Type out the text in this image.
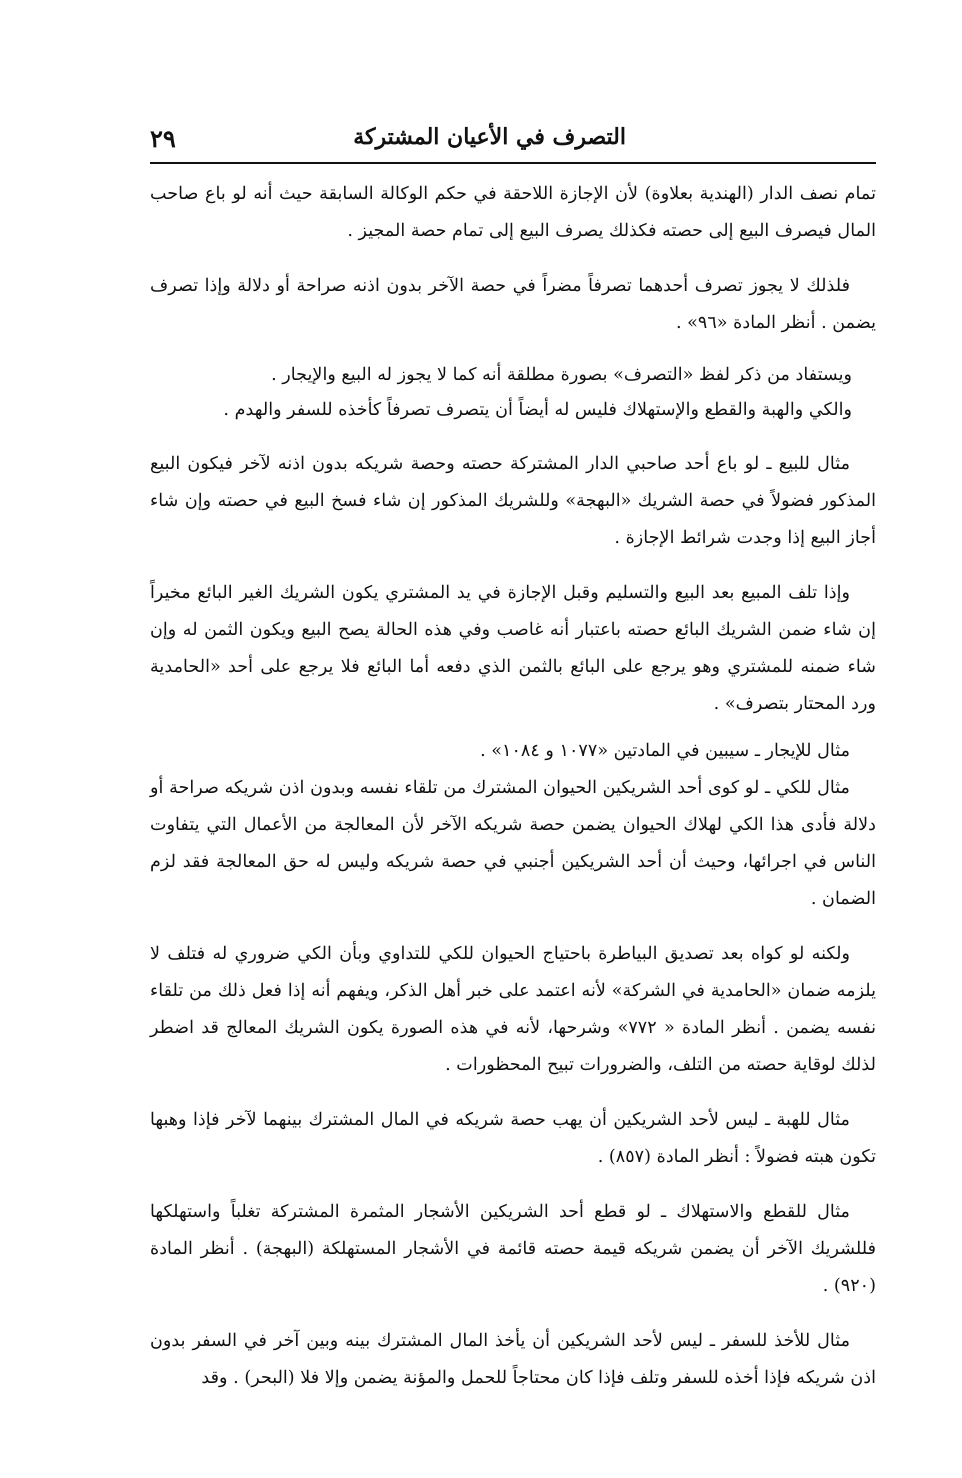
التصرف في الأعيان المشتركة
٢٩

تمام نصف الدار (الهندية بعلاوة) لأن الإجازة اللاحقة في حكم الوكالة السابقة حيث أنه لو باع صاحب المال فيصرف البيع إلى حصته فكذلك يصرف البيع إلى تمام حصة المجيز .

فلذلك لا يجوز تصرف أحدهما تصرفاً مضراً في حصة الآخر بدون اذنه صراحة أو دلالة وإذا تصرف يضمن . أنظر المادة «٩٦» .

ويستفاد من ذكر لفظ «التصرف» بصورة مطلقة أنه كما لا يجوز له البيع والإيجار .

والكي والهبة والقطع والإستهلاك فليس له أيضاً أن يتصرف تصرفاً كأخذه للسفر والهدم .

مثال للبيع ـ لو باع أحد صاحبي الدار المشتركة حصته وحصة شريكه بدون اذنه لآخر فيكون البيع المذكور فضولاً في حصة الشريك «البهجة» وللشريك المذكور إن شاء فسخ البيع في حصته وإن شاء أجاز البيع إذا وجدت شرائط الإجازة .

وإذا تلف المبيع بعد البيع والتسليم وقبل الإجازة في يد المشتري يكون الشريك الغير البائع مخيراً إن شاء ضمن الشريك البائع حصته باعتبار أنه غاصب وفي هذه الحالة يصح البيع ويكون الثمن له وإن شاء ضمنه للمشتري وهو يرجع على البائع بالثمن الذي دفعه أما البائع فلا يرجع على أحد «الحامدية ورد المحتار بتصرف» .

مثال للإيجار ـ سيبين في المادتين «١٠٧٧ و ١٠٨٤» .

مثال للكي ـ لو كوى أحد الشريكين الحيوان المشترك من تلقاء نفسه وبدون اذن شريكه صراحة أو دلالة فأدى هذا الكي لهلاك الحيوان يضمن حصة شريكه الآخر لأن المعالجة من الأعمال التي يتفاوت الناس في اجرائها، وحيث أن أحد الشريكين أجنبي في حصة شريكه وليس له حق المعالجة فقد لزم الضمان .

ولكنه لو كواه بعد تصديق البياطرة باحتياج الحيوان للكي للتداوي وبأن الكي ضروري له فتلف لا يلزمه ضمان «الحامدية في الشركة» لأنه اعتمد على خبر أهل الذكر، ويفهم أنه إذا فعل ذلك من تلقاء نفسه يضمن . أنظر المادة « ٧٧٢» وشرحها، لأنه في هذه الصورة يكون الشريك المعالج قد اضطر لذلك لوقاية حصته من التلف، والضرورات تبيح المحظورات .

مثال للهبة ـ ليس لأحد الشريكين أن يهب حصة شريكه في المال المشترك بينهما لآخر فإذا وهبها تكون هبته فضولاً : أنظر المادة (٨٥٧) .

مثال للقطع والاستهلاك ـ لو قطع أحد الشريكين الأشجار المثمرة المشتركة تغلباً واستهلكها فللشريك الآخر أن يضمن شريكه قيمة حصته قائمة في الأشجار المستهلكة (البهجة) . أنظر المادة (٩٢٠) .

مثال للأخذ للسفر ـ ليس لأحد الشريكين أن يأخذ المال المشترك بينه وبين آخر في السفر بدون اذن شريكه فإذا أخذه للسفر وتلف فإذا كان محتاجاً للحمل والمؤنة يضمن وإلا فلا (البحر) . وقد
